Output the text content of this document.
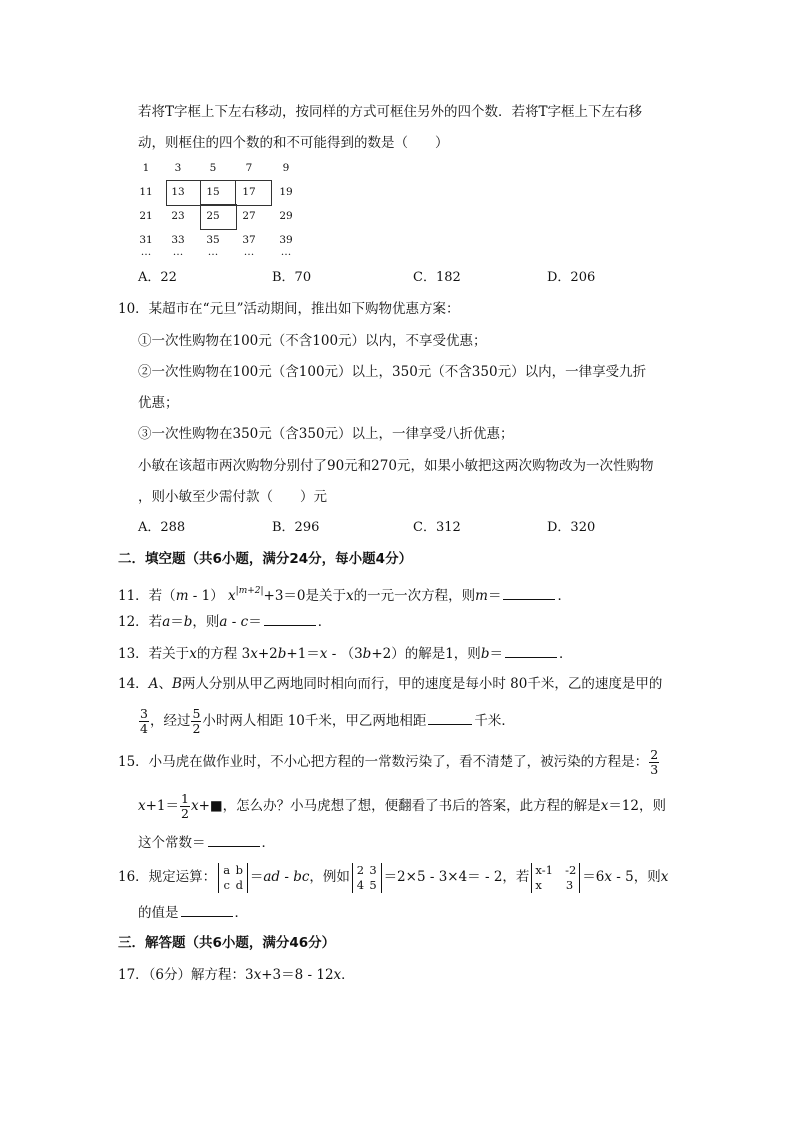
若将T字框上下左右移动，按同样的方式可框住另外的四个数．若将T字框上下左右移
动，则框住的四个数的和不可能得到的数是（　　）
1	3	5	7	9
11	13	15	17	19
21	23	25	27	29
31	33	35	37	39
…	…	…	…	…
A．22	B．70	C．182	D．206
10．某超市在“元旦”活动期间，推出如下购物优惠方案：
①一次性购物在100元（不含100元）以内，不享受优惠；
②一次性购物在100元（含100元）以上，350元（不含350元）以内，一律享受九折
优惠；
③一次性购物在350元（含350元）以上，一律享受八折优惠；
小敏在该超市两次购物分别付了90元和270元，如果小敏把这两次购物改为一次性购物
，则小敏至少需付款（　　）元
A．288	B．296	C．312	D．320
二．填空题（共6小题，满分24分，每小题4分）
11．若（m - 1） $x^{|m+2|}+3=0$是关于x的一元一次方程，则m＝	．
12．若a＝b，则a - c＝	．
13．若关于x的方程 3x+2b+1＝x - （3b+2）的解是1，则b＝	．
14．A、B两人分别从甲乙两地同时相向而行，甲的速度是每小时 80千米，乙的速度是甲的
$\frac{3}{4}$ ，经过 $\frac{5}{2}$ 小时两人相距 10千米，甲乙两地相距	千米．
15．小马虎在做作业时，不小心把方程的一常数污染了，看不清楚了，被污染的方程是： $\frac{2}{3}$
$x+1= \frac{1}{2}$ x+■，怎么办？小马虎想了想，便翻看了书后的答案，此方程的解是x＝12，则
这个常数＝	．
16．规定运算： a b
c d ＝ad - bc，例如 2 3
4 5 ＝2×5 - 3×4＝ - 2，若 x-1 -2
x 3 ＝6x - 5，则x
的值是	．
三．解答题（共6小题，满分46分）
17．（6分）解方程：3x+3＝8 - 12x．
